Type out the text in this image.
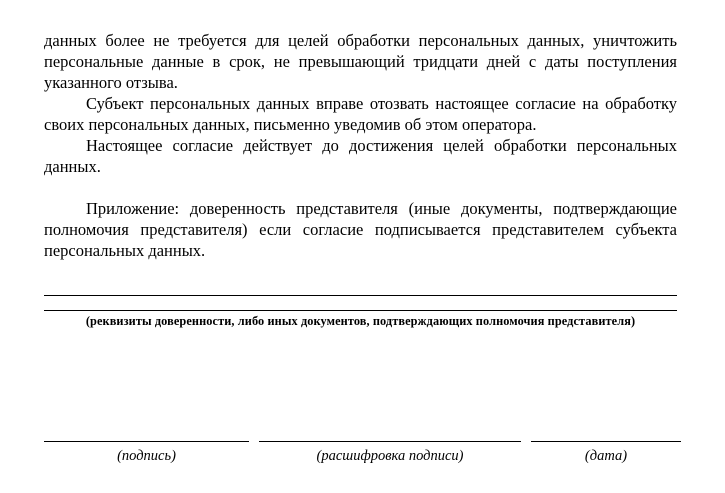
данных более не требуется для целей обработки персональных данных, уничтожить персональные данные в срок, не превышающий тридцати дней с даты поступления указанного отзыва.

Субъект персональных данных вправе отозвать настоящее согласие на обработку своих персональных данных, письменно уведомив об этом оператора.

Настоящее согласие действует до достижения целей обработки персональных данных.

Приложение: доверенность представителя (иные документы, подтверждающие полномочия представителя) если согласие подписывается представителем субъекта персональных данных.

(реквизиты доверенности, либо иных документов, подтверждающих полномочия представителя)
(подпись)	(расшифровка подписи)	(дата)
